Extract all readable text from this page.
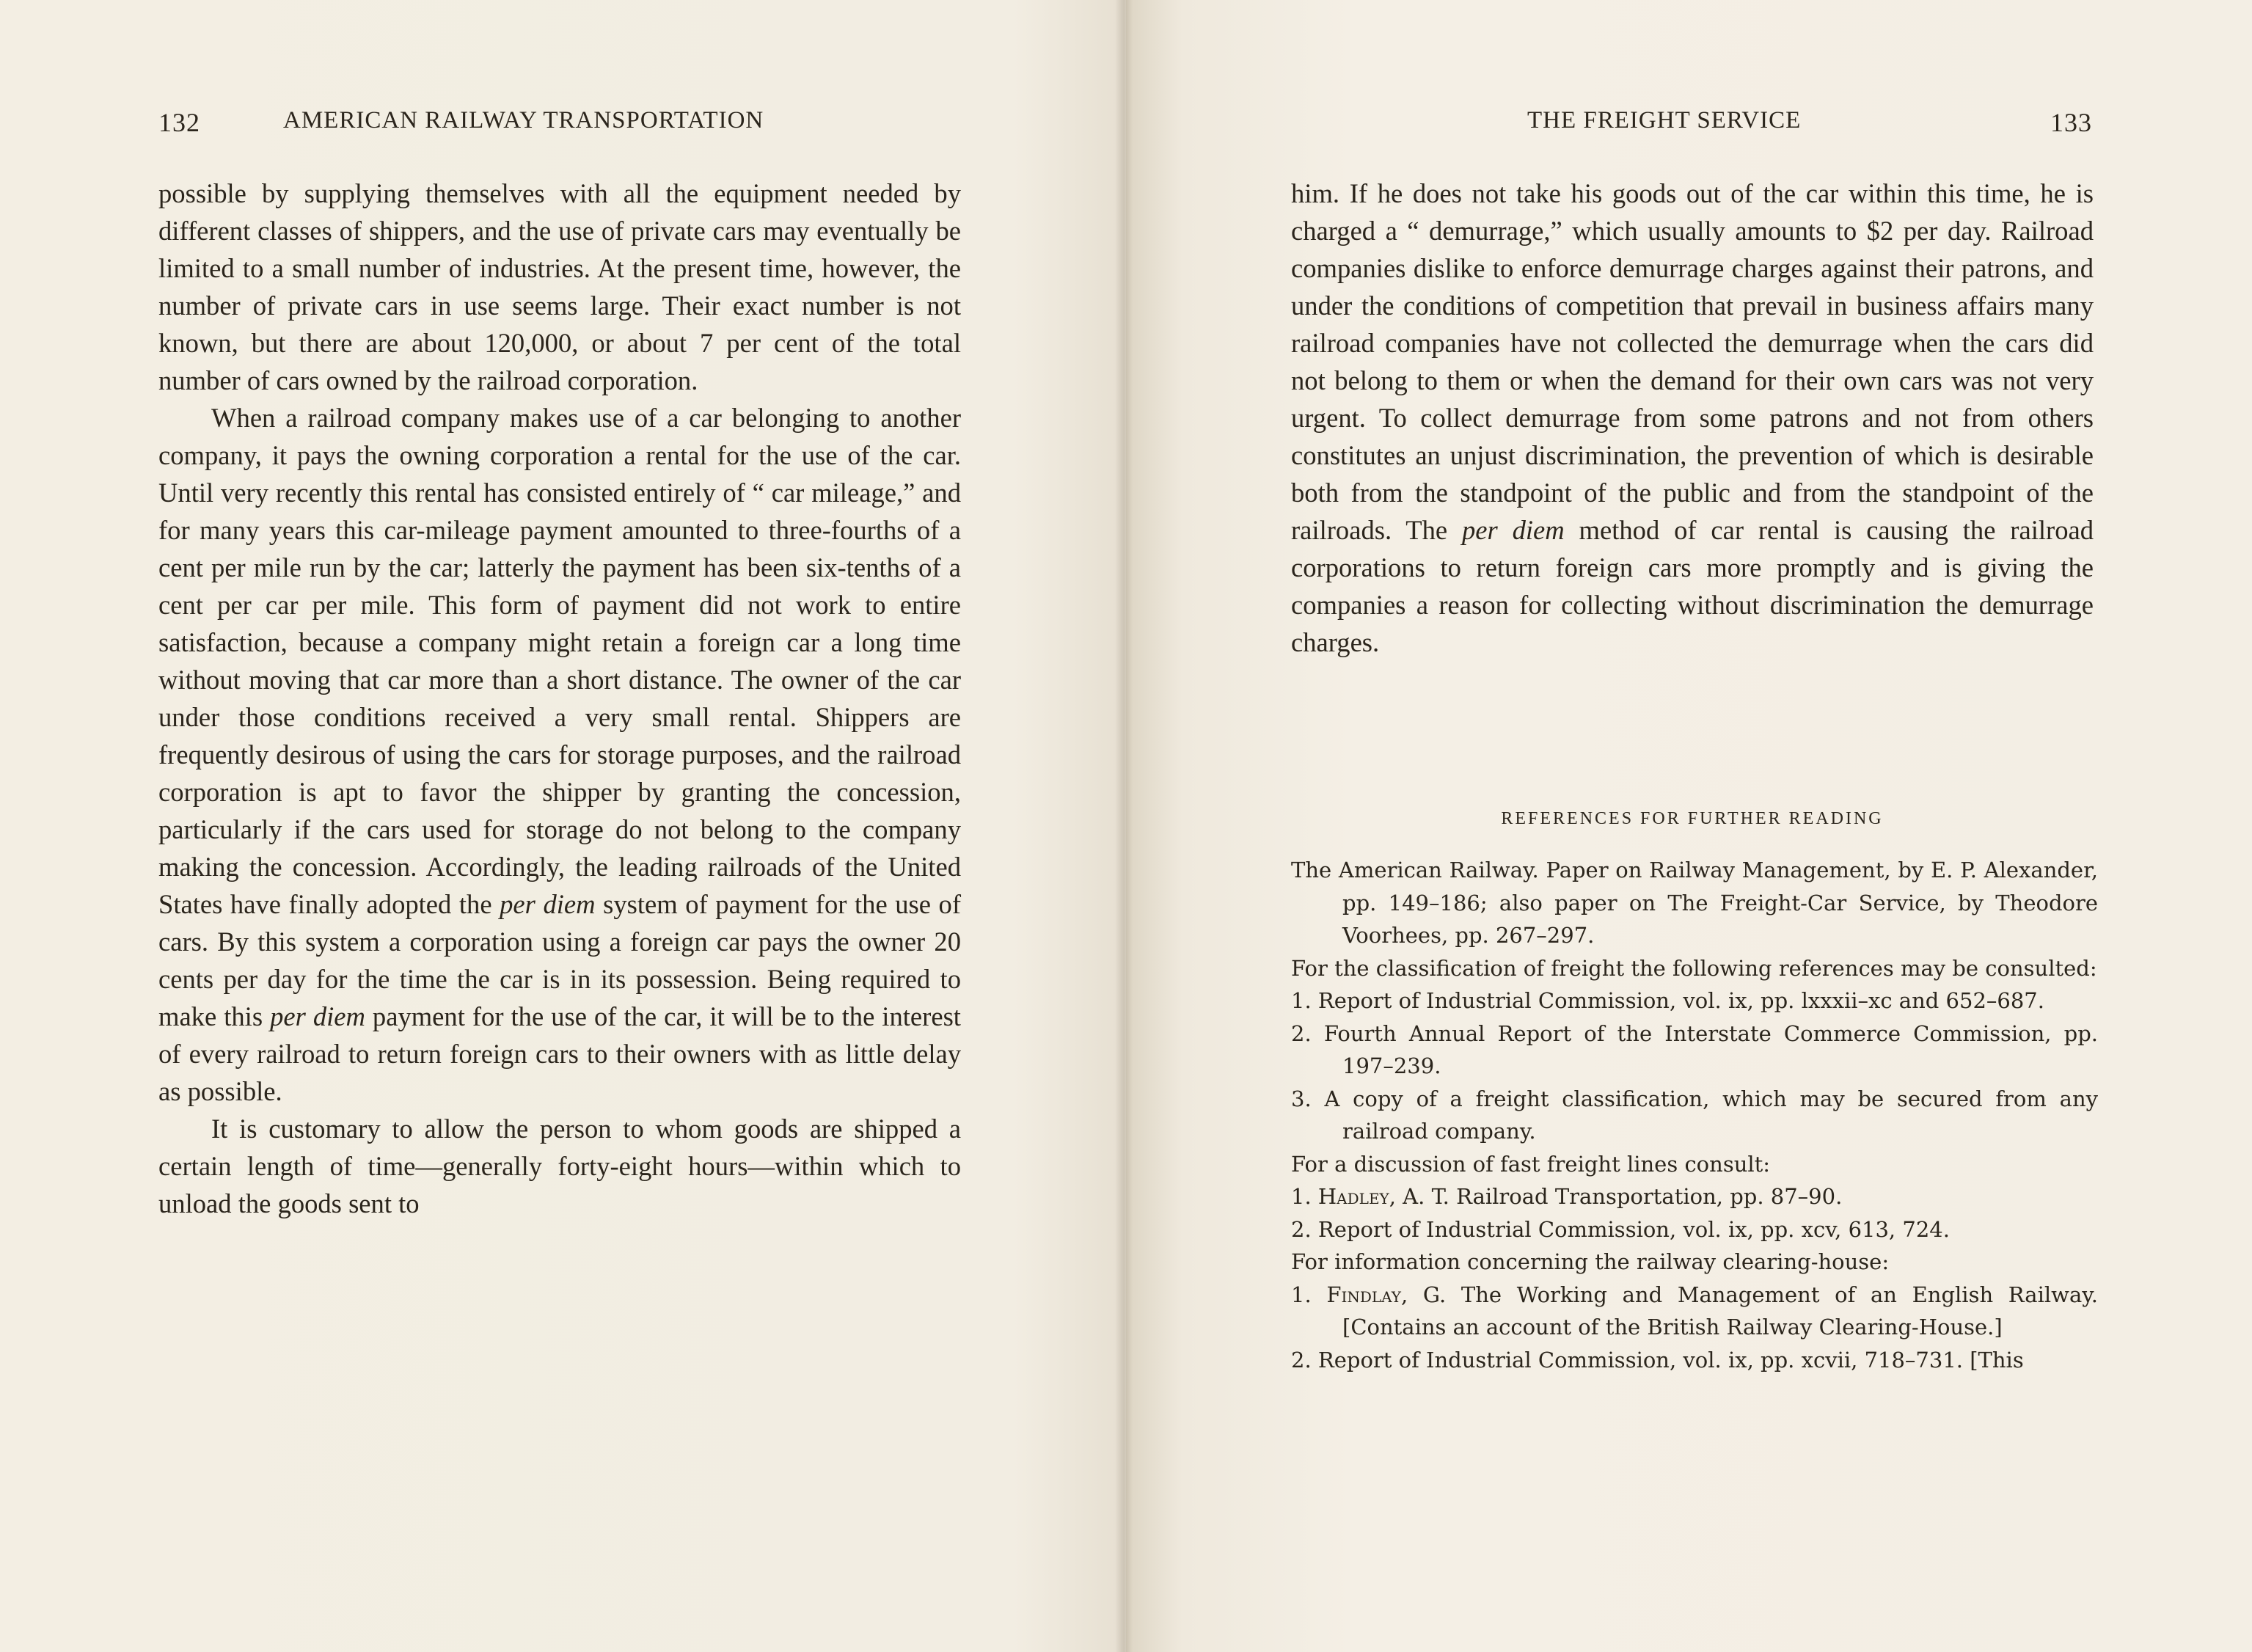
132	AMERICAN RAILWAY TRANSPORTATION

possible by supplying themselves with all the equipment needed by different classes of shippers, and the use of private cars may eventually be limited to a small number of industries. At the present time, however, the number of private cars in use seems large. Their exact number is not known, but there are about 120,000, or about 7 per cent of the total number of cars owned by the railroad corporation.

When a railroad company makes use of a car belonging to another company, it pays the owning corporation a rental for the use of the car. Until very recently this rental has consisted entirely of “ car mileage,” and for many years this car-mileage payment amounted to three-fourths of a cent per mile run by the car; latterly the payment has been six-tenths of a cent per car per mile. This form of payment did not work to entire satisfaction, because a company might retain a foreign car a long time without moving that car more than a short distance. The owner of the car under those conditions received a very small rental. Shippers are frequently desirous of using the cars for storage purposes, and the railroad corporation is apt to favor the shipper by granting the concession, particularly if the cars used for storage do not belong to the company making the concession. Accordingly, the leading railroads of the United States have finally adopted the per diem system of payment for the use of cars. By this system a corporation using a foreign car pays the owner 20 cents per day for the time the car is in its possession. Being required to make this per diem payment for the use of the car, it will be to the interest of every railroad to return foreign cars to their owners with as little delay as possible.

It is customary to allow the person to whom goods are shipped a certain length of time—generally forty-eight hours—within which to unload the goods sent to

THE FREIGHT SERVICE	133

him. If he does not take his goods out of the car within this time, he is charged a “ demurrage,” which usually amounts to $2 per day. Railroad companies dislike to enforce demurrage charges against their patrons, and under the conditions of competition that prevail in business affairs many railroad companies have not collected the demurrage when the cars did not belong to them or when the demand for their own cars was not very urgent. To collect demurrage from some patrons and not from others constitutes an unjust discrimination, the prevention of which is desirable both from the standpoint of the public and from the standpoint of the railroads. The per diem method of car rental is causing the railroad corporations to return foreign cars more promptly and is giving the companies a reason for collecting without discrimination the demurrage charges.

REFERENCES FOR FURTHER READING

The American Railway. Paper on Railway Management, by E. P. Alexander, pp. 149–186; also paper on The Freight-Car Service, by Theodore Voorhees, pp. 267–297.

For the classification of freight the following references may be consulted:

1. Report of Industrial Commission, vol. ix, pp. lxxxii–xc and 652–687.

2. Fourth Annual Report of the Interstate Commerce Commission, pp. 197–239.

3. A copy of a freight classification, which may be secured from any railroad company.

For a discussion of fast freight lines consult:

1. Hadley, A. T. Railroad Transportation, pp. 87–90.

2. Report of Industrial Commission, vol. ix, pp. xcv, 613, 724.

For information concerning the railway clearing-house:

1. Findlay, G. The Working and Management of an English Railway. [Contains an account of the British Railway Clearing-House.]

2. Report of Industrial Commission, vol. ix, pp. xcvii, 718–731. [This
